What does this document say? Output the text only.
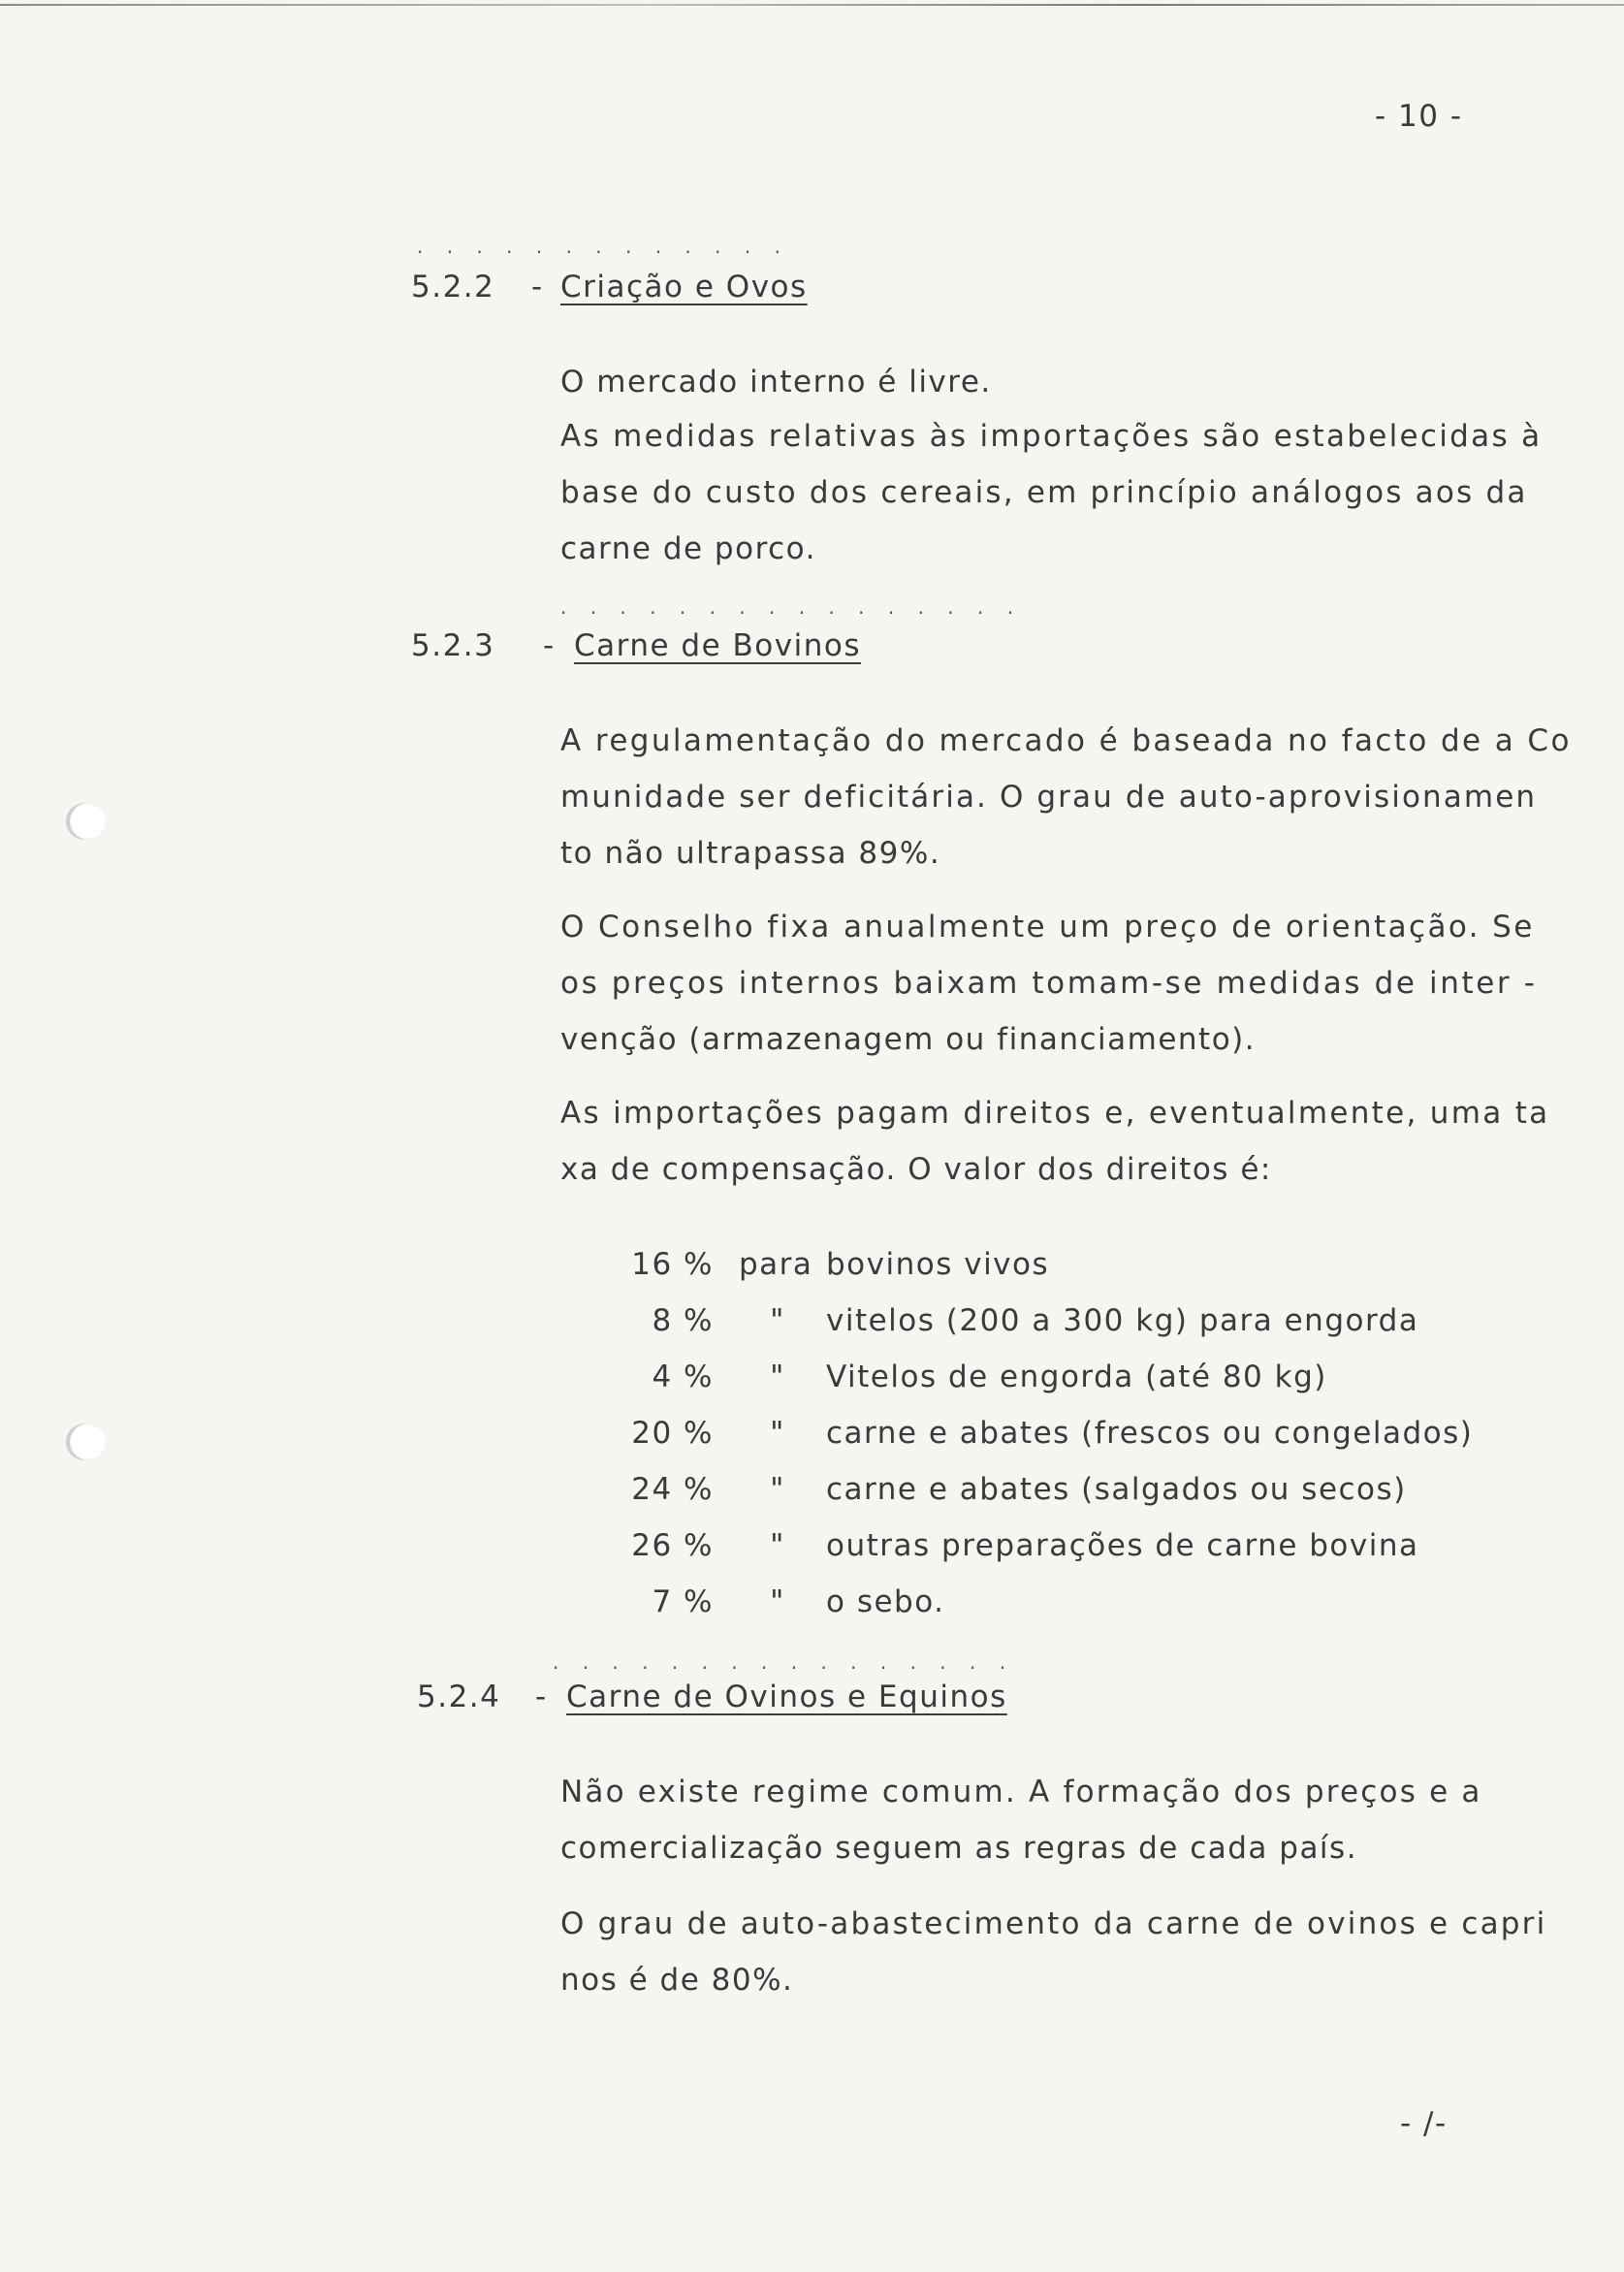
- 10 -
· · · · · · · · · · · · ·
5.2.2 - Criação e Ovos
O mercado interno é livre.
As medidas relativas às importações são estabelecidas à
base do custo dos cereais, em princípio análogos aos da
carne de porco.
· · · · · · · · · · · · · · · ·
5.2.3 - Carne de Bovinos
A regulamentação do mercado é baseada no facto de a Co
munidade ser deficitária. O grau de auto-aprovisionamen
to não ultrapassa 89%.
O Conselho fixa anualmente um preço de orientação. Se
os preços internos baixam tomam-se medidas de inter -
venção (armazenagem ou financiamento).
As importações pagam direitos e, eventualmente, uma ta
xa de compensação. O valor dos direitos é:
16 % para bovinos vivos
8 %	"	vitelos (200 a 300 kg) para engorda
4 %	"	Vitelos de engorda (até 80 kg)
20 %	"	carne e abates (frescos ou congelados)
24 %	"	carne e abates (salgados ou secos)
26 %	"	outras preparações de carne bovina
7 %	"	o sebo.
· · · · · · · · · · · · · · · ·
5.2.4 - Carne de Ovinos e Equinos
Não existe regime comum. A formação dos preços e a
comercialização seguem as regras de cada país.
O grau de auto-abastecimento da carne de ovinos e capri
nos é de 80%.
- /-
